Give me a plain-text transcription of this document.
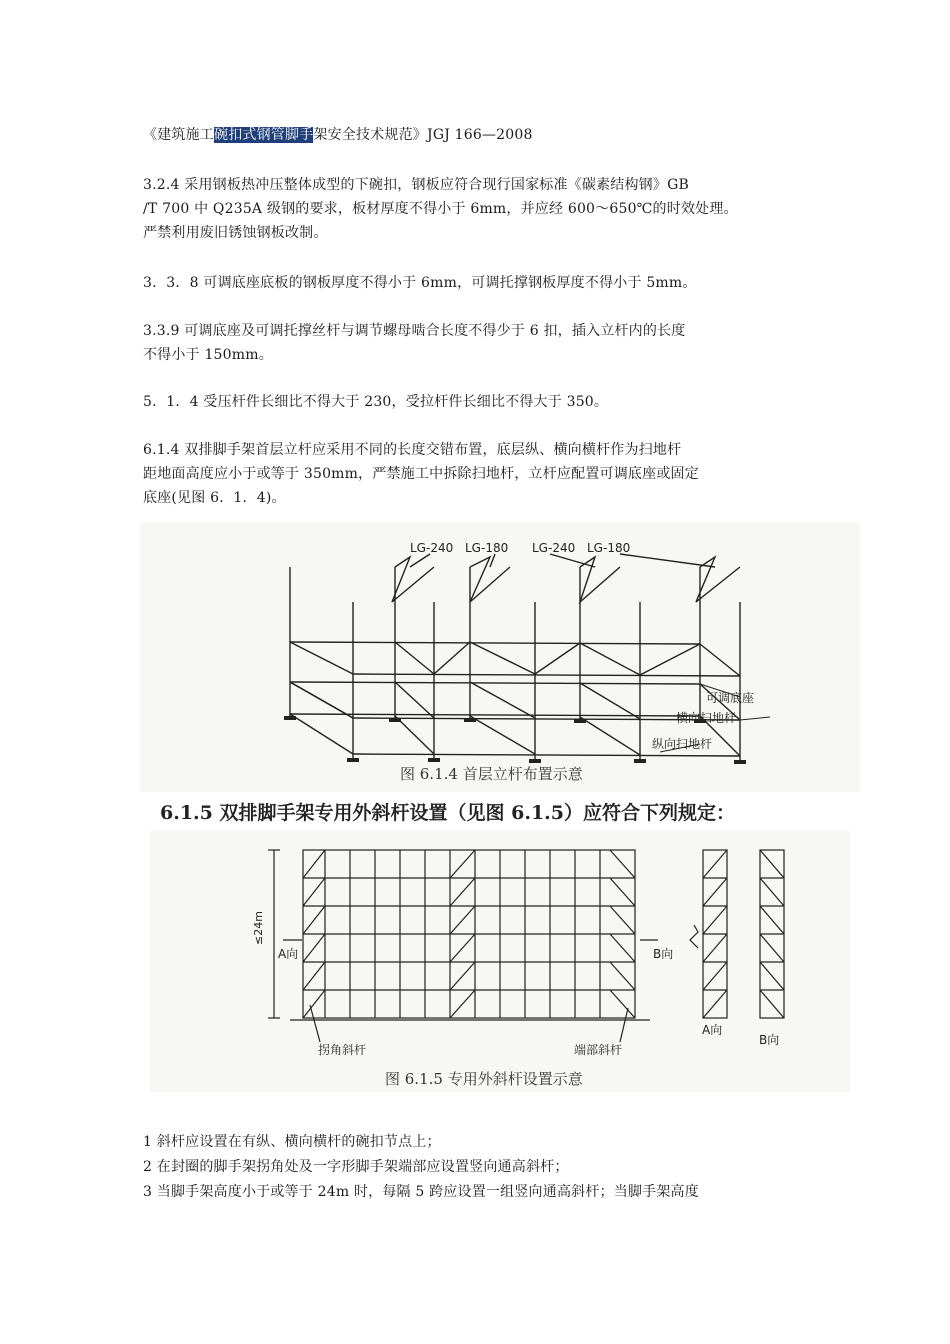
《建筑施工碗扣式钢管脚手架安全技术规范》JGJ 166—2008
3.2.4 采用钢板热冲压整体成型的下碗扣，钢板应符合现行国家标准《碳素结构钢》GB
/T 700 中 Q235A 级钢的要求，板材厚度不得小于 6mm，并应经 600～650℃的时效处理。
严禁利用废旧锈蚀钢板改制。
3．3．8 可调底座底板的钢板厚度不得小于 6mm，可调托撑钢板厚度不得小于 5mm。
3.3.9 可调底座及可调托撑丝杆与调节螺母啮合长度不得少于 6 扣，插入立杆内的长度
不得小于 150mm。
5．1．4 受压杆件长细比不得大于 230，受拉杆件长细比不得大于 350。
6.1.4 双排脚手架首层立杆应采用不同的长度交错布置，底层纵、横向横杆作为扫地杆
距地面高度应小于或等于 350mm，严禁施工中拆除扫地杆，立杆应配置可调底座或固定
底座(见图 6．1．4)。
LG-240 LG-180 LG-240 LG-180
可调底座
横向扫地杆
纵向扫地杆
图 6.1.4 首层立杆布置示意
6.1.5 双排脚手架专用外斜杆设置（见图 6.1.5）应符合下列规定：
≤24m
A向	B向
拐角斜杆	端部斜杆
A向
B向
图 6.1.5 专用外斜杆设置示意
1 斜杆应设置在有纵、横向横杆的碗扣节点上；
2 在封圈的脚手架拐角处及一字形脚手架端部应设置竖向通高斜杆；
3 当脚手架高度小于或等于 24m 时，每隔 5 跨应设置一组竖向通高斜杆；当脚手架高度
